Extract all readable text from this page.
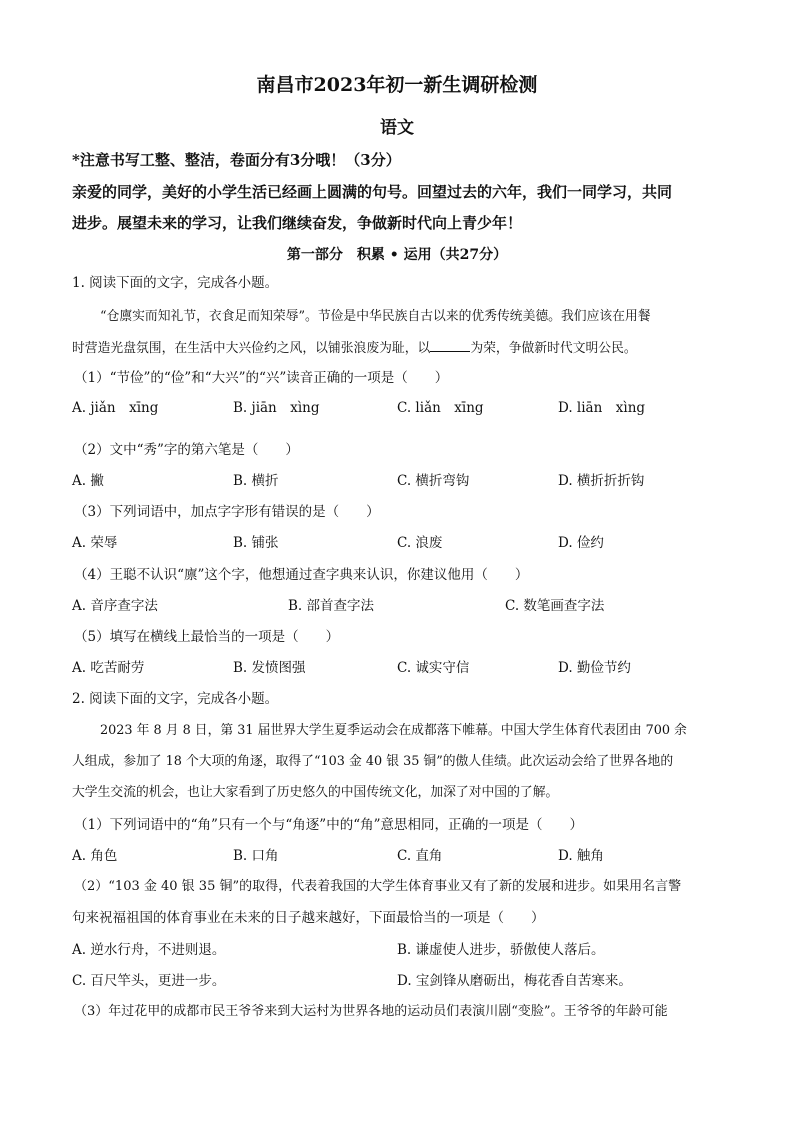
南昌市2023年初一新生调研检测
语文
*注意书写工整、整洁，卷面分有3分哦！（3分）
亲爱的同学，美好的小学生活已经画上圆满的句号。回望过去的六年，我们一同学习，共同
进步。展望未来的学习，让我们继续奋发，争做新时代向上青少年！
第一部分　积累 • 运用（共27分）
1. 阅读下面的文字，完成各小题。
“仓廪实而知礼节，衣食足而知荣辱”。节俭是中华民族自古以来的优秀传统美德。我们应该在用餐
时营造光盘氛围，在生活中大兴俭约之风，以铺张浪废为耻，以	为荣，争做新时代文明公民。
（1）“节俭”的“俭”和“大兴”的“兴”读音正确的一项是（　　）
A. jiǎn　xīng	B. jiān　xìng	C. liǎn　xīng	D. liān　xìng
（2）文中“秀”字的第六笔是（　　）
A. 撇	B. 横折	C. 横折弯钩	D. 横折折折钩
（3）下列词语中，加点字字形有错误的是（　　）
A. 荣辱	B. 铺张	C. 浪废	D. 俭约
（4）王聪不认识“廪”这个字，他想通过查字典来认识，你建议他用（　　）
A. 音序查字法	B. 部首查字法	C. 数笔画查字法
（5）填写在横线上最恰当的一项是（　　）
A. 吃苦耐劳	B. 发愤图强	C. 诚实守信	D. 勤俭节约
2. 阅读下面的文字，完成各小题。
2023 年 8 月 8 日，第 31 届世界大学生夏季运动会在成都落下帷幕。中国大学生体育代表团由 700 余
人组成，参加了 18 个大项的角逐，取得了“103 金 40 银 35 铜”的傲人佳绩。此次运动会给了世界各地的
大学生交流的机会，也让大家看到了历史悠久的中国传统文化，加深了对中国的了解。
（1）下列词语中的“角”只有一个与“角逐”中的“角”意思相同，正确的一项是（　　）
A. 角色	B. 口角	C. 直角	D. 触角
（2）“103 金 40 银 35 铜”的取得，代表着我国的大学生体育事业又有了新的发展和进步。如果用名言警
句来祝福祖国的体育事业在未来的日子越来越好，下面最恰当的一项是（　　）
A. 逆水行舟，不进则退。	B. 谦虚使人进步，骄傲使人落后。
C. 百尺竿头，更进一步。	D. 宝剑锋从磨砺出，梅花香自苦寒来。
（3）年过花甲的成都市民王爷爷来到大运村为世界各地的运动员们表演川剧“变脸”。王爷爷的年龄可能
